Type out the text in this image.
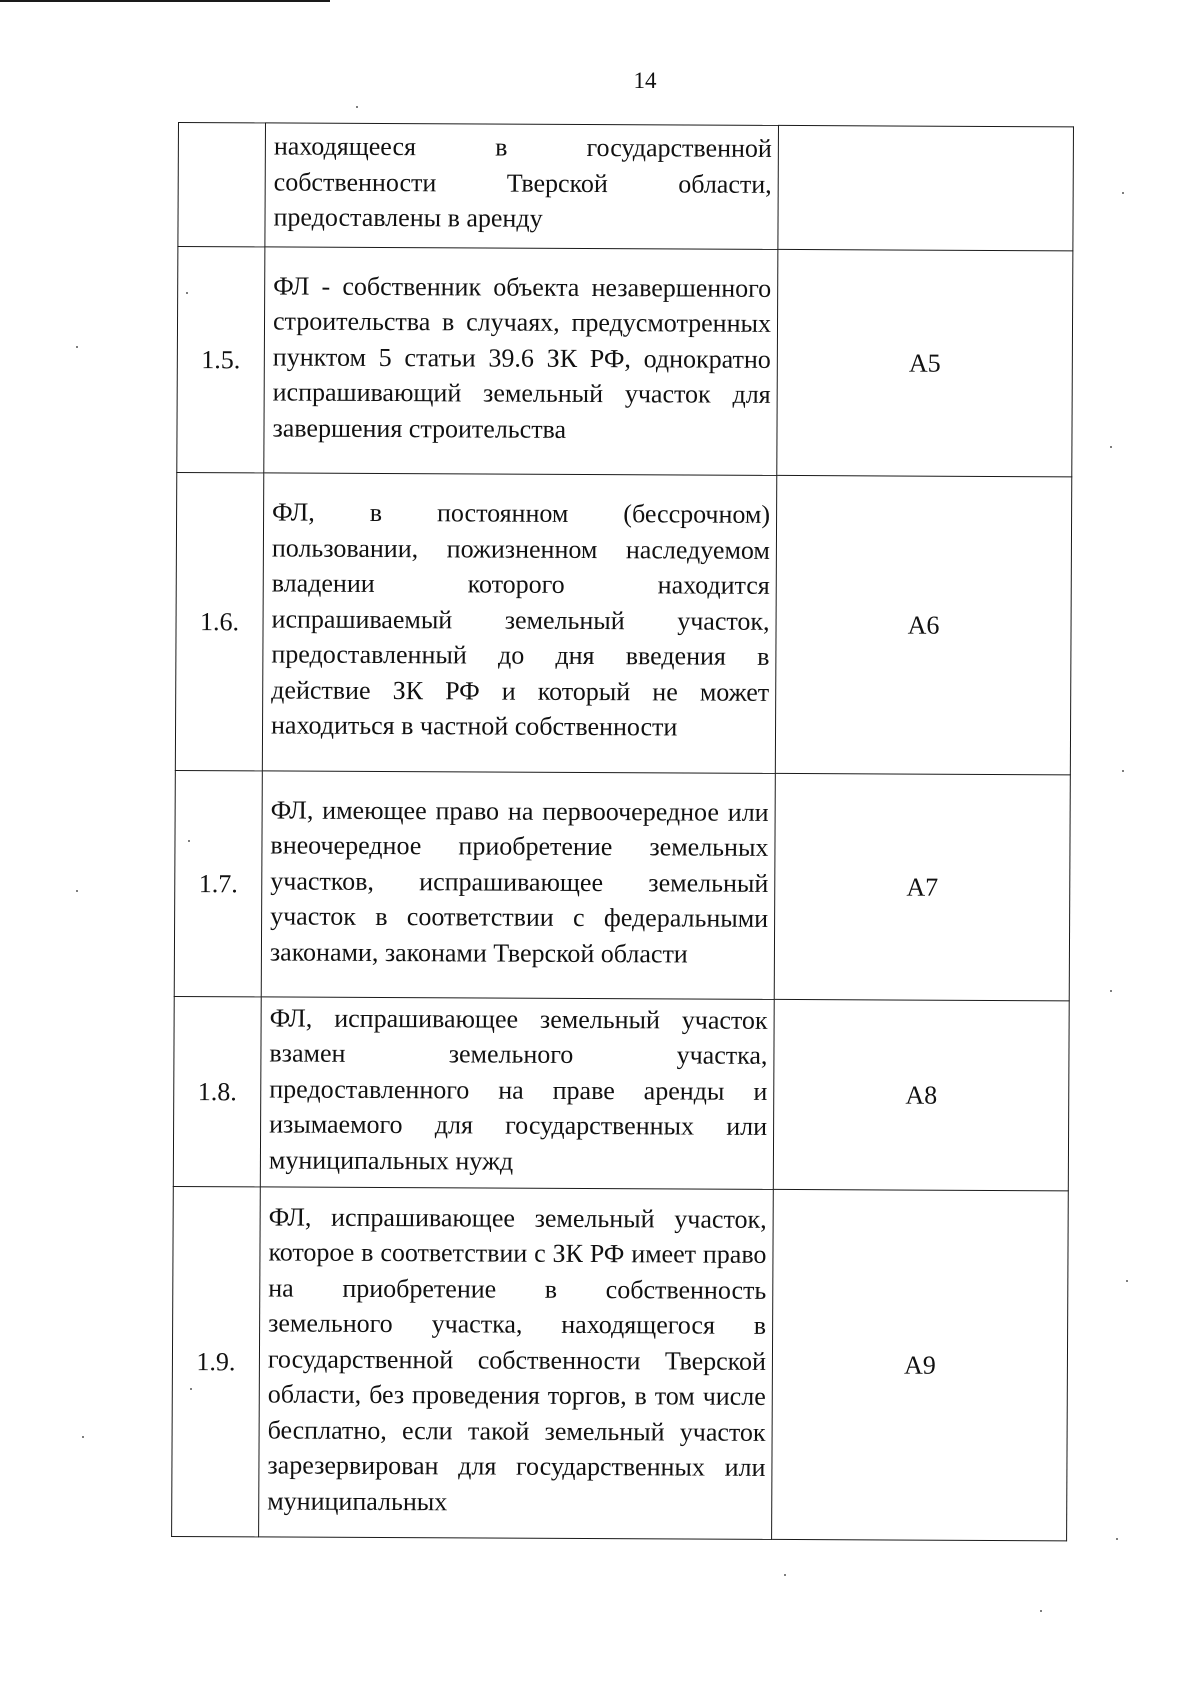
14
	находящееся в государственной собственности Тверской области, предоставлены в аренду	
1.5.	ФЛ - собственник объекта незавершенного строительства в случаях, предусмотренных пунктом 5 статьи 39.6 ЗК РФ, однократно испрашивающий земельный участок для завершения строительства	А5
1.6.	ФЛ, в постоянном (бессрочном) пользовании, пожизненном наследуемом владении которого находится испрашиваемый земельный участок, предоставленный до дня введения в действие ЗК РФ и который не может находиться в частной собственности	А6
1.7.	ФЛ, имеющее право на первоочередное или внеочередное приобретение земельных участков, испрашивающее земельный участок в соответствии с федеральными законами, законами Тверской области	А7
1.8.	ФЛ, испрашивающее земельный участок взамен земельного участка, предоставленного на праве аренды и изымаемого для государственных или муниципальных нужд	А8
1.9.	ФЛ, испрашивающее земельный участок, которое в соответствии с ЗК РФ имеет право на приобретение в собственность земельного участка, находящегося в государственной собственности Тверской области, без проведения торгов, в том числе бесплатно, если такой земельный участок зарезервирован для государственных или муниципальных	А9
